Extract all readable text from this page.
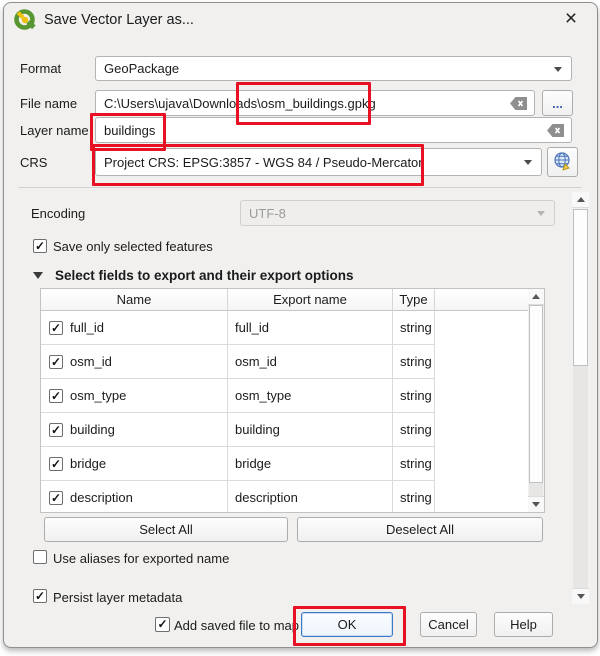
Save Vector Layer as...	×
Format	GeoPackage
File name C:\Users\ujava\Downloads\osm_buildings.gpkg	...
Layer name buildings
CRS	Project CRS: EPSG:3857 - WGS 84 / Pseudo-Mercator
Encoding	UTF-8
✓ Save only selected features
Select fields to export and their export options
Name	Export name	Type
✓ full_id	full_id	string
✓ osm_id	osm_id	string
✓ osm_type	osm_type	string
✓ building	building	string
✓ bridge	bridge	string
✓ description	description	string
Select All	Deselect All
Use aliases for exported name
✓ Persist layer metadata
✓ Add saved file to map	OK	Cancel	Help
